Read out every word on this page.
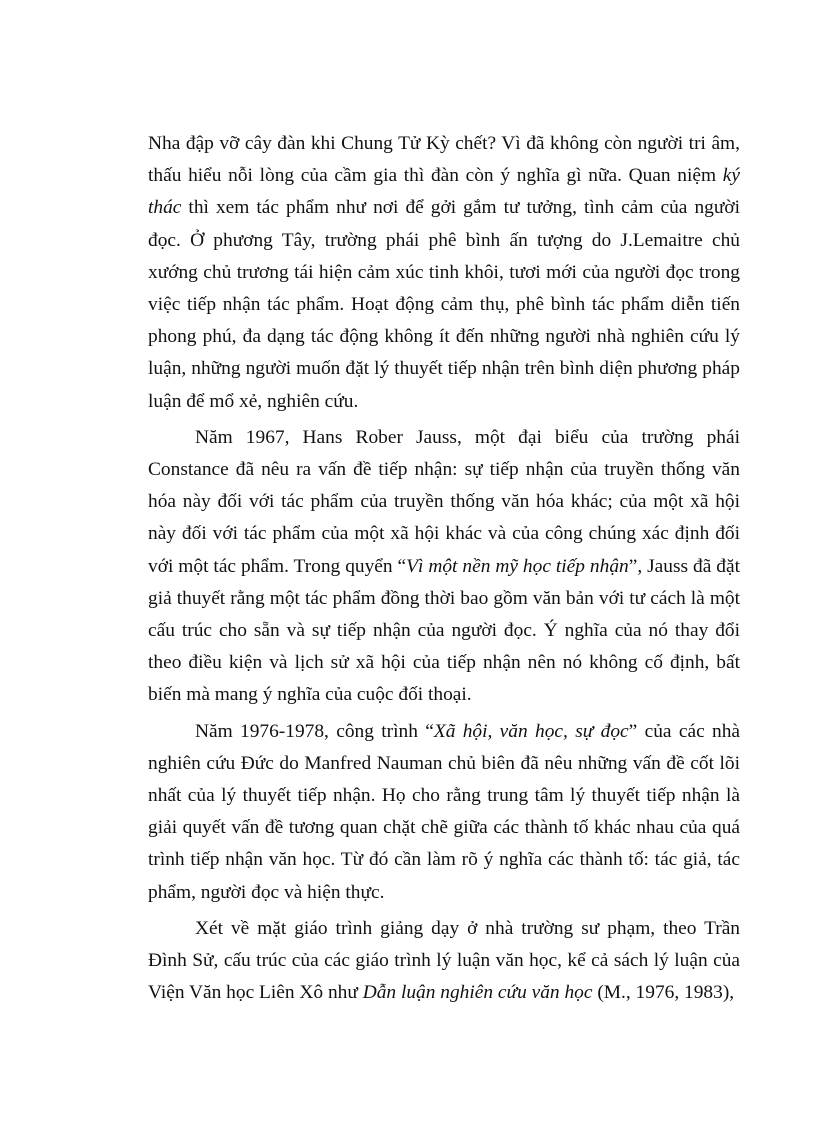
Nha đập vỡ cây đàn khi Chung Tử Kỳ chết? Vì đã không còn người tri âm, thấu hiểu nỗi lòng của cầm gia thì đàn còn ý nghĩa gì nữa. Quan niệm ký thác thì xem tác phẩm như nơi để gởi gắm tư tưởng, tình cảm của người đọc. Ở phương Tây, trường phái phê bình ấn tượng do J.Lemaitre chủ xướng chủ trương tái hiện cảm xúc tinh khôi, tươi mới của người đọc trong việc tiếp nhận tác phẩm. Hoạt động cảm thụ, phê bình tác phẩm diễn tiến phong phú, đa dạng tác động không ít đến những người nhà nghiên cứu lý luận, những người muốn đặt lý thuyết tiếp nhận trên bình diện phương pháp luận để mổ xẻ, nghiên cứu.

Năm 1967, Hans Rober Jauss, một đại biểu của trường phái Constance đã nêu ra vấn đề tiếp nhận: sự tiếp nhận của truyền thống văn hóa này đối với tác phẩm của truyền thống văn hóa khác; của một xã hội này đối với tác phẩm của một xã hội khác và của công chúng xác định đối với một tác phẩm. Trong quyển “Vì một nền mỹ học tiếp nhận”, Jauss đã đặt giả thuyết rằng một tác phẩm đồng thời bao gồm văn bản với tư cách là một cấu trúc cho sẵn và sự tiếp nhận của người đọc. Ý nghĩa của nó thay đổi theo điều kiện và lịch sử xã hội của tiếp nhận nên nó không cố định, bất biến mà mang ý nghĩa của cuộc đối thoại.

Năm 1976-1978, công trình “Xã hội, văn học, sự đọc” của các nhà nghiên cứu Đức do Manfred Nauman chủ biên đã nêu những vấn đề cốt lõi nhất của lý thuyết tiếp nhận. Họ cho rằng trung tâm lý thuyết tiếp nhận là giải quyết vấn đề tương quan chặt chẽ giữa các thành tố khác nhau của quá trình tiếp nhận văn học. Từ đó cần làm rõ ý nghĩa các thành tố: tác giả, tác phẩm, người đọc và hiện thực.

Xét về mặt giáo trình giảng dạy ở nhà trường sư phạm, theo Trần Đình Sử, cấu trúc của các giáo trình lý luận văn học, kể cả sách lý luận của Viện Văn học Liên Xô như Dẫn luận nghiên cứu văn học (M., 1976, 1983),
